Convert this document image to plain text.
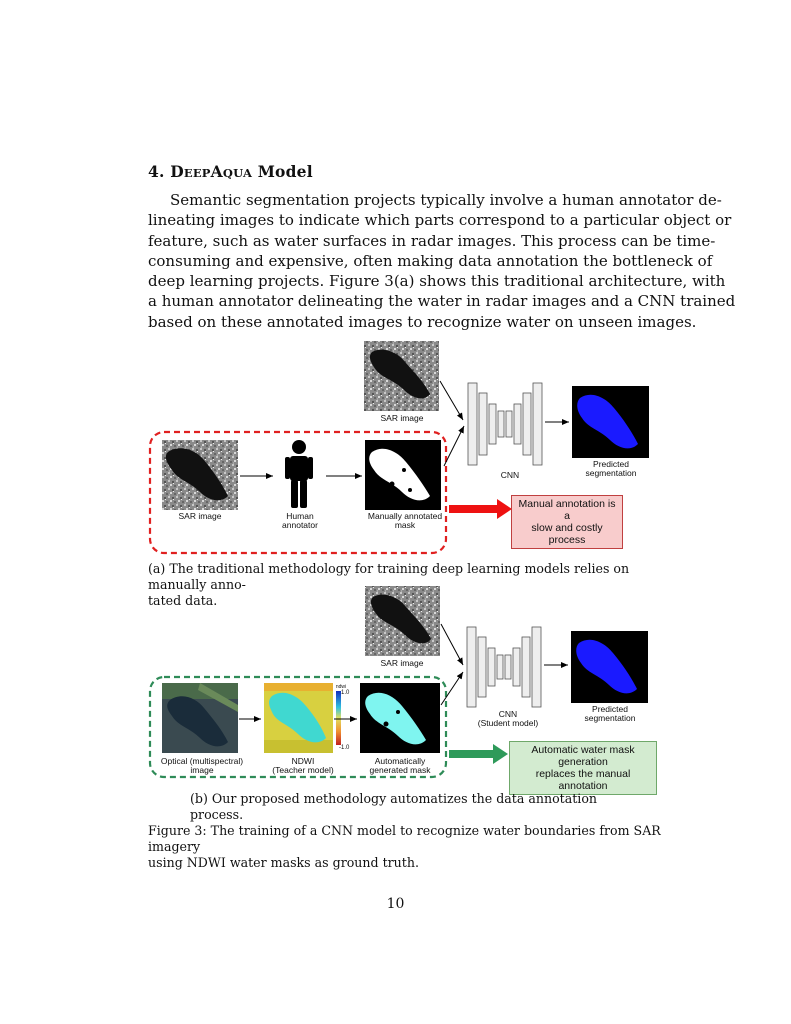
4. DEEPAQUA Model
Semantic segmentation projects typically involve a human annotator de-
lineating images to indicate which parts correspond to a particular object or
feature, such as water surfaces in radar images. This process can be time-
consuming and expensive, often making data annotation the bottleneck of
deep learning projects. Figure 3(a) shows this traditional architecture, with
a human annotator delineating the water in radar images and a CNN trained
based on these annotated images to recognize water on unseen images.
SAR image
SAR image	Human
annotator
Manually annotated
mask
CNN
Predicted
segmentation
Manual annotation is a
slow and costly process
(a) The traditional methodology for training deep learning models relies on manually anno-
tated data.
SAR image
ndwi
1.0
-1.0
Optical (multispectral)
image
NDWI
(Teacher model)
Automatically
generated mask
CNN
(Student model)
Predicted
segmentation
Automatic water mask generation
replaces the manual annotation
(b) Our proposed methodology automatizes the data annotation process.
Figure 3: The training of a CNN model to recognize water boundaries from SAR imagery
using NDWI water masks as ground truth.
10
